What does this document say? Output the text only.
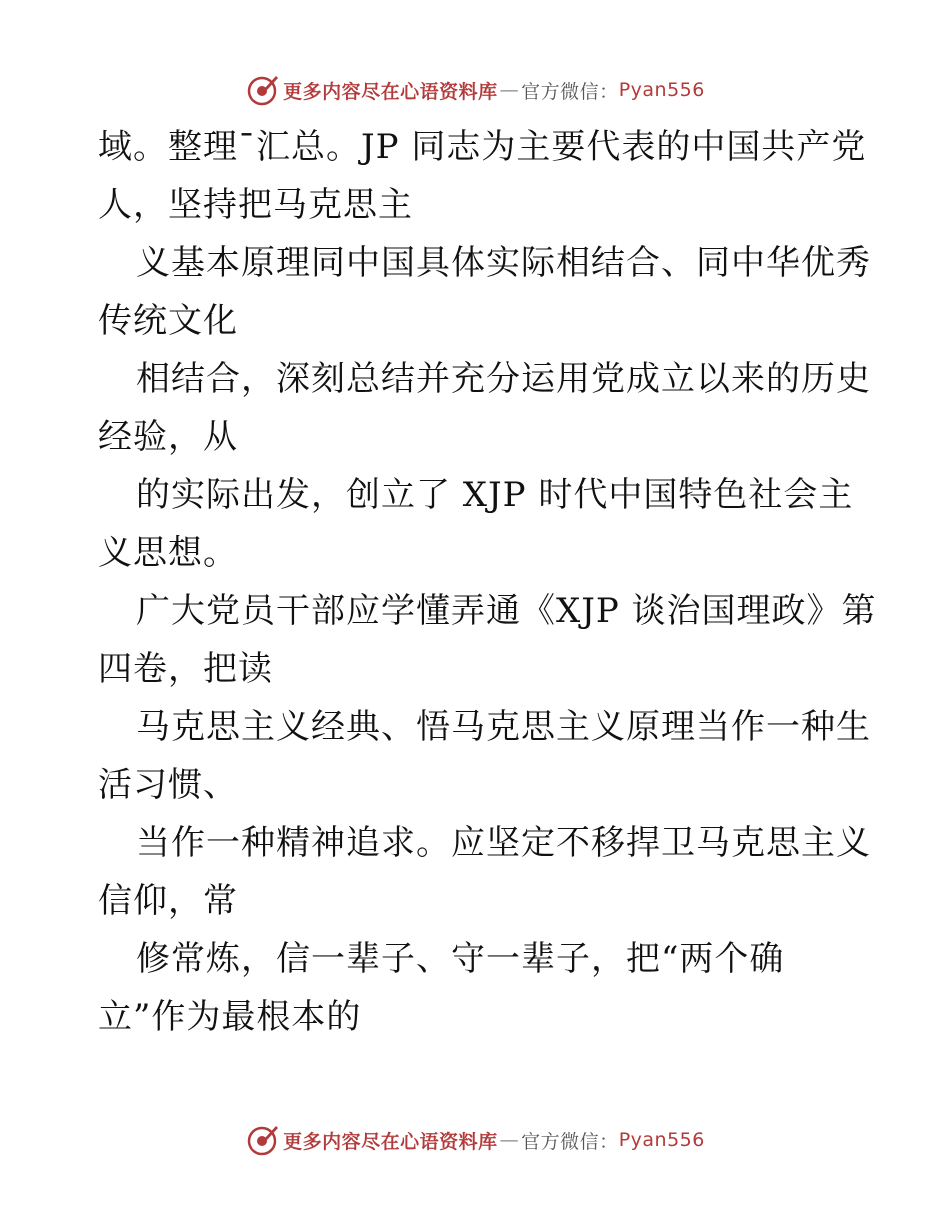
更多内容尽在心语资料库 — 官方微信： Pyan556
域。整理¯汇总。JP 同志为主要代表的中国共产党
人，坚持把马克思主
义基本原理同中国具体实际相结合、同中华优秀
传统文化
相结合，深刻总结并充分运用党成立以来的历史
经验，从
的实际出发，创立了 XJP 时代中国特色社会主
义思想。
广大党员干部应学懂弄通《XJP 谈治国理政》第
四卷，把读
马克思主义经典、悟马克思主义原理当作一种生
活习惯、
当作一种精神追求。应坚定不移捍卫马克思主义
信仰，常
修常炼，信一辈子、守一辈子，把“两个确
立”作为最根本的
更多内容尽在心语资料库 — 官方微信： Pyan556
